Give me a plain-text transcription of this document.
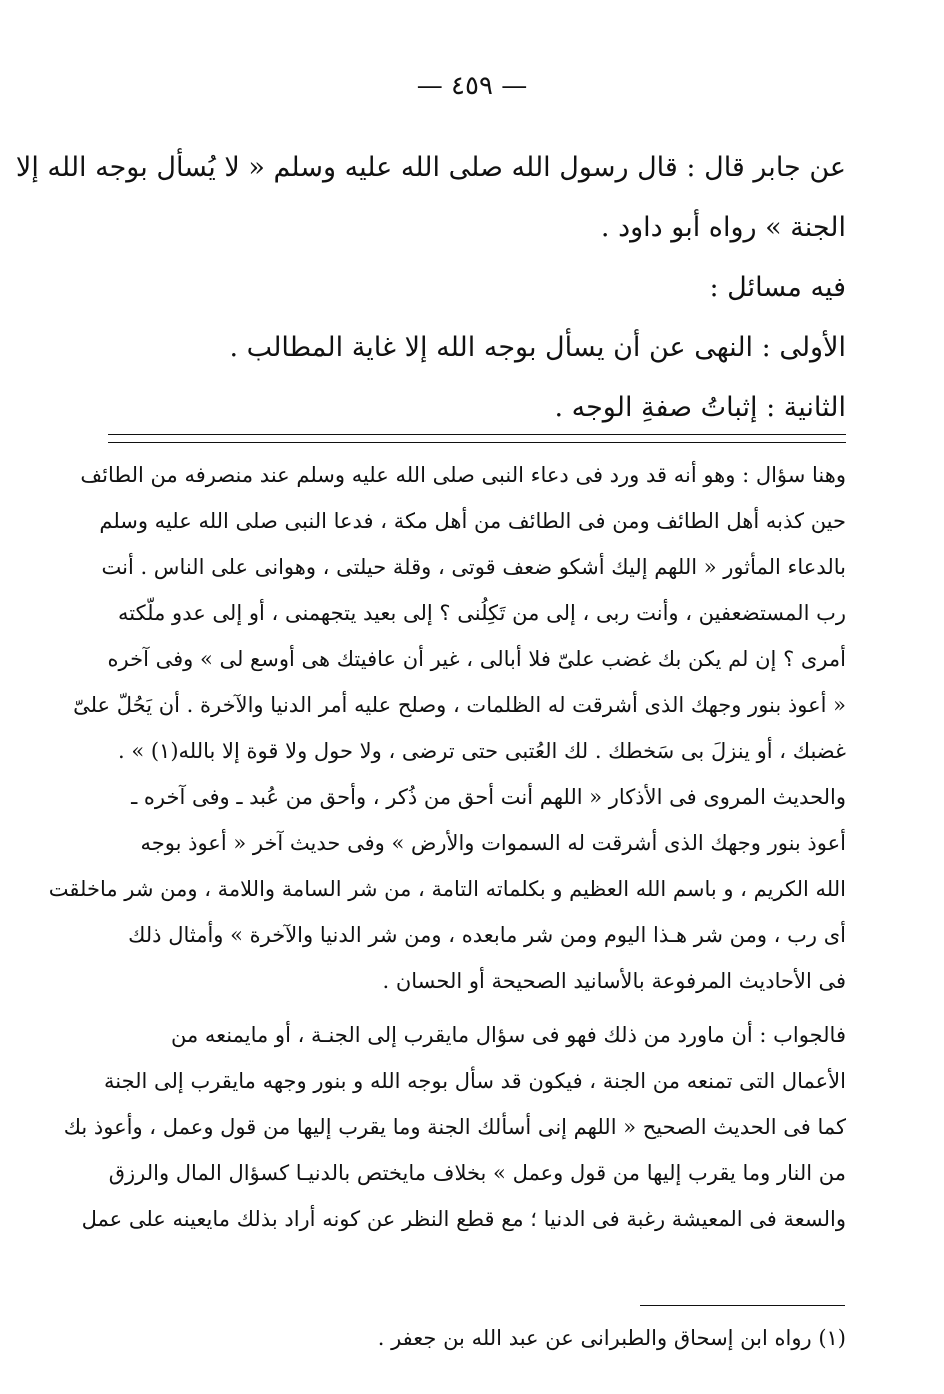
— ٤٥٩ —
عن جابر قال : قال رسول الله صلى الله عليه وسلم « لا يُسأل بوجه الله إلا
الجنة » رواه أبو داود .
فيه مسائل :
الأولى : النهى عن أن يسأل بوجه الله إلا غاية المطالب .
الثانية : إثباتُ صفةِ الوجه .
وهنا سؤال : وهو أنه قد ورد فى دعاء النبى صلى الله عليه وسلم عند منصرفه من الطائف
حين كذبه أهل الطائف ومن فى الطائف من أهل مكة ، فدعا النبى صلى الله عليه وسلم
بالدعاء المأثور « اللهم إليك أشكو ضعف قوتى ، وقلة حيلتى ، وهوانى على الناس . أنت
رب المستضعفين ، وأنت ربى ، إلى من تَكِلُنى ؟ إلى بعيد يتجهمنى ، أو إلى عدو ملّكته
أمرى ؟ إن لم يكن بك غضب علىّ فلا أبالى ، غير أن عافيتك هى أوسع لى » وفى آخره
« أعوذ بنور وجهك الذى أشرقت له الظلمات ، وصلح عليه أمر الدنيا والآخرة . أن يَحُلّ علىّ
غضبك ، أو ينزلَ بى سَخطك . لك العُتبى حتى ترضى ، ولا حول ولا قوة إلا بالله(١) » .
والحديث المروى فى الأذكار « اللهم أنت أحق من ذُكر ، وأحق من عُبد ـ وفى آخره ـ
أعوذ بنور وجهك الذى أشرقت له السموات والأرض » وفى حديث آخر « أعوذ بوجه
الله الكريم ، و باسم الله العظيم و بكلماته التامة ، من شر السامة واللامة ، ومن شر ماخلقت
أى رب ، ومن شر هـذا اليوم ومن شر مابعده ، ومن شر الدنيا والآخرة » وأمثال ذلك
فى الأحاديث المرفوعة بالأسانيد الصحيحة أو الحسان .
فالجواب : أن ماورد من ذلك فهو فى سؤال مايقرب إلى الجنـة ، أو مايمنعه من
الأعمال التى تمنعه من الجنة ، فيكون قد سأل بوجه الله و بنور وجهه مايقرب إلى الجنة
كما فى الحديث الصحيح « اللهم إنى أسألك الجنة وما يقرب إليها من قول وعمل ، وأعوذ بك
من النار وما يقرب إليها من قول وعمل » بخلاف مايختص بالدنيـا كسؤال المال والرزق
والسعة فى المعيشة رغبة فى الدنيا ؛ مع قطع النظر عن كونه أراد بذلك مايعينه على عمل
(١) رواه ابن إسحاق والطبرانى عن عبد الله بن جعفر .
